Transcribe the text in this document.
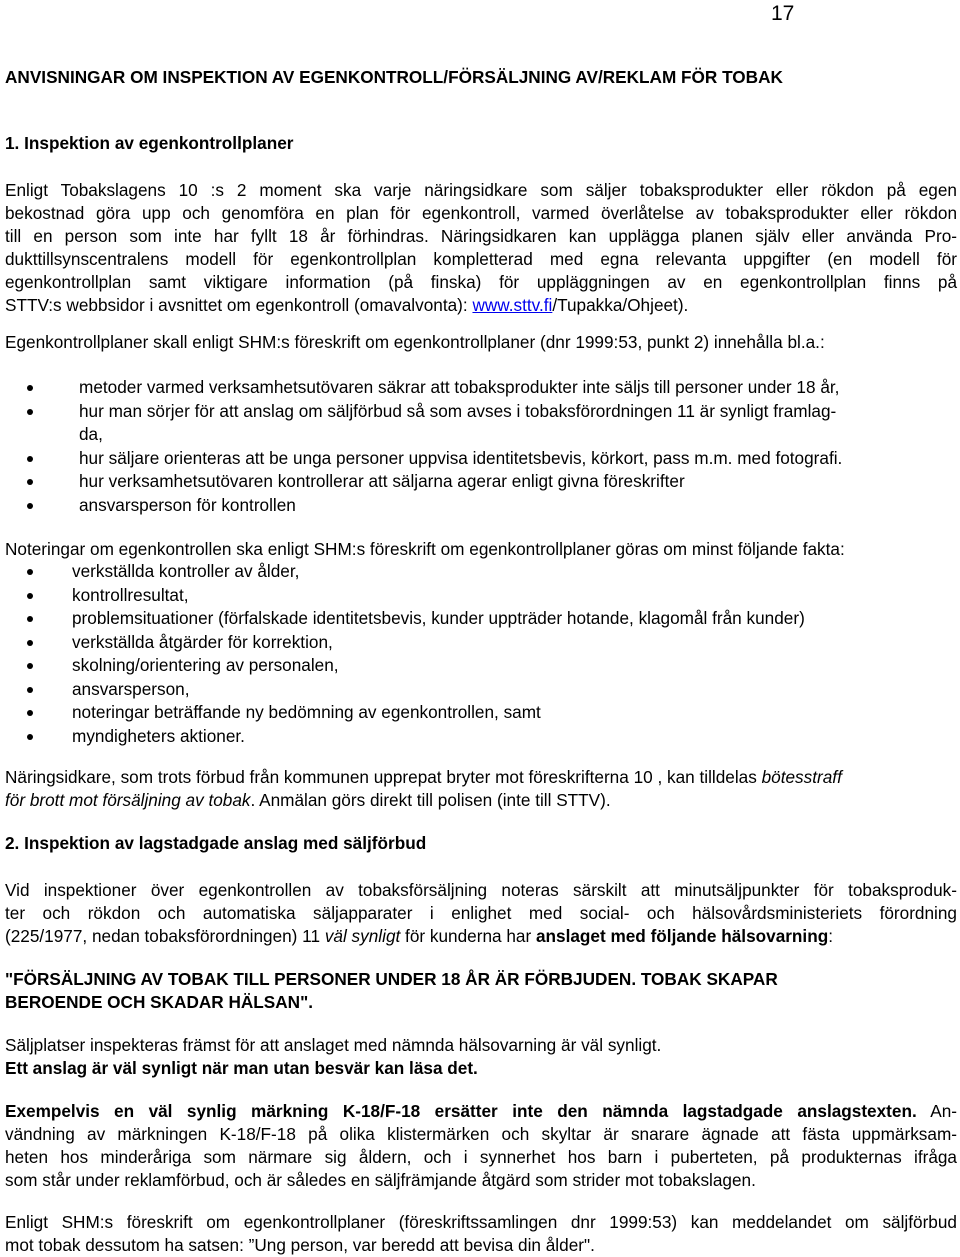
17
ANVISNINGAR OM INSPEKTION AV EGENKONTROLL/FÖRSÄLJNING AV/REKLAM FÖR TOBAK
1. Inspektion av egenkontrollplaner
Enligt Tobakslagens 10 :s 2 moment ska varje näringsidkare som säljer tobaksprodukter eller rökdon på egen
bekostnad göra upp och genomföra en plan för egenkontroll, varmed överlåtelse av tobaksprodukter eller rökdon
till en person som inte har fyllt 18 år förhindras. Näringsidkaren kan upplägga planen själv eller använda Pro-
dukttillsynscentralens modell för egenkontrollplan kompletterad med egna relevanta uppgifter (en modell för
egenkontrollplan samt viktigare information (på finska) för uppläggningen av en egenkontrollplan finns på
STTV:s webbsidor i avsnittet om egenkontroll (omavalvonta): www.sttv.fi/Tupakka/Ohjeet).
Egenkontrollplaner skall enligt SHM:s föreskrift om egenkontrollplaner (dnr 1999:53, punkt 2) innehålla bl.a.:
metoder varmed verksamhetsutövaren säkrar att tobaksprodukter inte säljs till personer under 18 år,
hur man sörjer för att anslag om säljförbud så som avses i tobaksförordningen 11 är synligt framlag-
da,
hur säljare orienteras att be unga personer uppvisa identitetsbevis, körkort, pass m.m. med fotografi.
hur verksamhetsutövaren kontrollerar att säljarna agerar enligt givna föreskrifter
ansvarsperson för kontrollen
Noteringar om egenkontrollen ska enligt SHM:s föreskrift om egenkontrollplaner göras om minst följande fakta:
verkställda kontroller av ålder,
kontrollresultat,
problemsituationer (förfalskade identitetsbevis, kunder uppträder hotande, klagomål från kunder)
verkställda åtgärder för korrektion,
skolning/orientering av personalen,
ansvarsperson,
noteringar beträffande ny bedömning av egenkontrollen, samt
myndigheters aktioner.
Näringsidkare, som trots förbud från kommunen upprepat bryter mot föreskrifterna 10 , kan tilldelas bötesstraff
för brott mot försäljning av tobak. Anmälan görs direkt till polisen (inte till STTV).
2. Inspektion av lagstadgade anslag med säljförbud
Vid inspektioner över egenkontrollen av tobaksförsäljning noteras särskilt att minutsäljpunkter för tobaksproduk-
ter och rökdon och automatiska säljapparater i enlighet med social- och hälsovårdsministeriets förordning
(225/1977, nedan tobaksförordningen) 11 väl synligt för kunderna har anslaget med följande hälsovarning:
"FÖRSÄLJNING AV TOBAK TILL PERSONER UNDER 18 ÅR ÄR FÖRBJUDEN. TOBAK SKAPAR
BEROENDE OCH SKADAR HÄLSAN".
Säljplatser inspekteras främst för att anslaget med nämnda hälsovarning är väl synligt.
Ett anslag är väl synligt när man utan besvär kan läsa det.
Exempelvis en väl synlig märkning K-18/F-18 ersätter inte den nämnda lagstadgade anslagstexten. An-
vändning av märkningen K-18/F-18 på olika klistermärken och skyltar är snarare ägnade att fästa uppmärksam-
heten hos minderåriga som närmare sig åldern, och i synnerhet hos barn i puberteten, på produkternas ifråga
som står under reklamförbud, och är således en säljfrämjande åtgärd som strider mot tobakslagen.
Enligt SHM:s föreskrift om egenkontrollplaner (föreskriftssamlingen dnr 1999:53) kan meddelandet om säljförbud
mot tobak dessutom ha satsen: ”Ung person, var beredd att bevisa din ålder".
